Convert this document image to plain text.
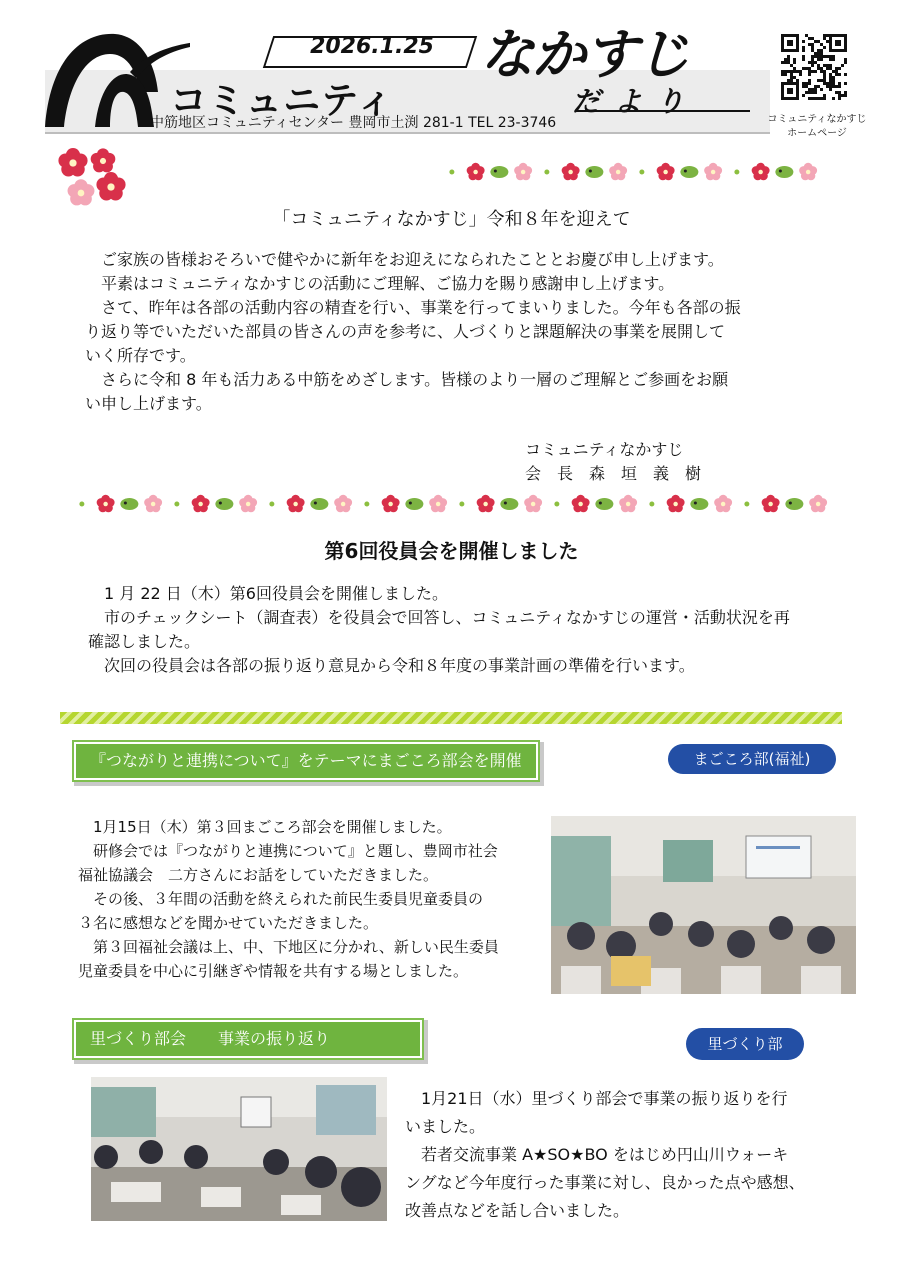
2026.1.25
コミュニティ
なかすじ
だより
中筋地区コミュニティセンター 豊岡市土渕 281-1 TEL 23-3746	コミュニティなかすじ
ホームページ
「コミュニティなかすじ」令和８年を迎えて

ご家族の皆様おそろいで健やかに新年をお迎えになられたこととお慶び申し上げます。

平素はコミュニティなかすじの活動にご理解、ご協力を賜り感謝申し上げます。

さて、昨年は各部の活動内容の精査を行い、事業を行ってまいりました。今年も各部の振

り返り等でいただいた部員の皆さんの声を参考に、人づくりと課題解決の事業を展開して

いく所存です。

さらに令和 8 年も活力ある中筋をめざします。皆様のより一層のご理解とご参画をお願

い申し上げます。

コミュニティなかすじ
会　長　森　垣　義　樹
第6回役員会を開催しました

1 月 22 日（木）第6回役員会を開催しました。

市のチェックシート（調査表）を役員会で回答し、コミュニティなかすじの運営・活動状況を再

確認しました。

次回の役員会は各部の振り返り意見から令和８年度の事業計画の準備を行います。

『つながりと連携について』をテーマにまごころ部会を開催	まごころ部(福祉)

1月15日（木）第３回まごころ部会を開催しました。

研修会では『つながりと連携について』と題し、豊岡市社会

福祉協議会　二方さんにお話をしていただきました。

その後、３年間の活動を終えられた前民生委員児童委員の

３名に感想などを聞かせていただきました。

第３回福祉会議は上、中、下地区に分かれ、新しい民生委員

児童委員を中心に引継ぎや情報を共有する場としました。

里づくり部会　　事業の振り返り	里づくり部

1月21日（水）里づくり部会で事業の振り返りを行

いました。

若者交流事業 A★SO★BO をはじめ円山川ウォーキ

ングなど今年度行った事業に対し、良かった点や感想、

改善点などを話し合いました。
